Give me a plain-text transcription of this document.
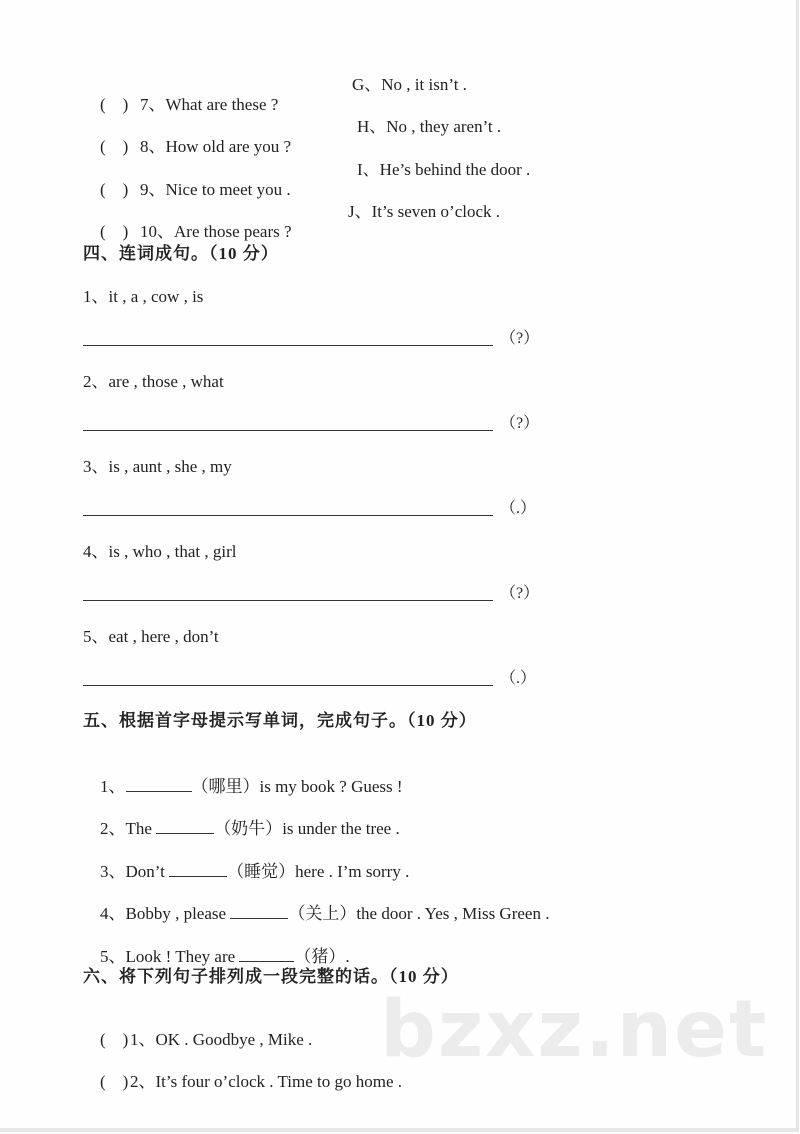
(    ) 7、What are these ?

G、No , it isn’t .

(    ) 8、How old are you ?

H、No , they aren’t .

(    ) 9、Nice to meet you .

I、He’s behind the door .

(    ) 10、Are those pears ?

J、It’s seven o’clock .
四、连词成句。（10 分）
1、it , a , cow , is
（?）
2、are , those , what
（?）
3、is , aunt , she , my
（.）
4、is , who , that , girl
（?）
5、eat , here , don’t
（.）
五、根据首字母提示写单词，完成句子。（10 分）

1、	（哪里）is my book ? Guess !

2、The	（奶牛）is under the tree .

3、Don’t	（睡觉）here . I’m sorry .

4、Bobby , please	（关上）the door . Yes , Miss Green .

5、Look ! They are	（猪）.

六、将下列句子排列成一段完整的话。（10 分）
bzxz.net

(    )1、OK . Goodbye , Mike .

(    )2、It’s four o’clock . Time to go home .
